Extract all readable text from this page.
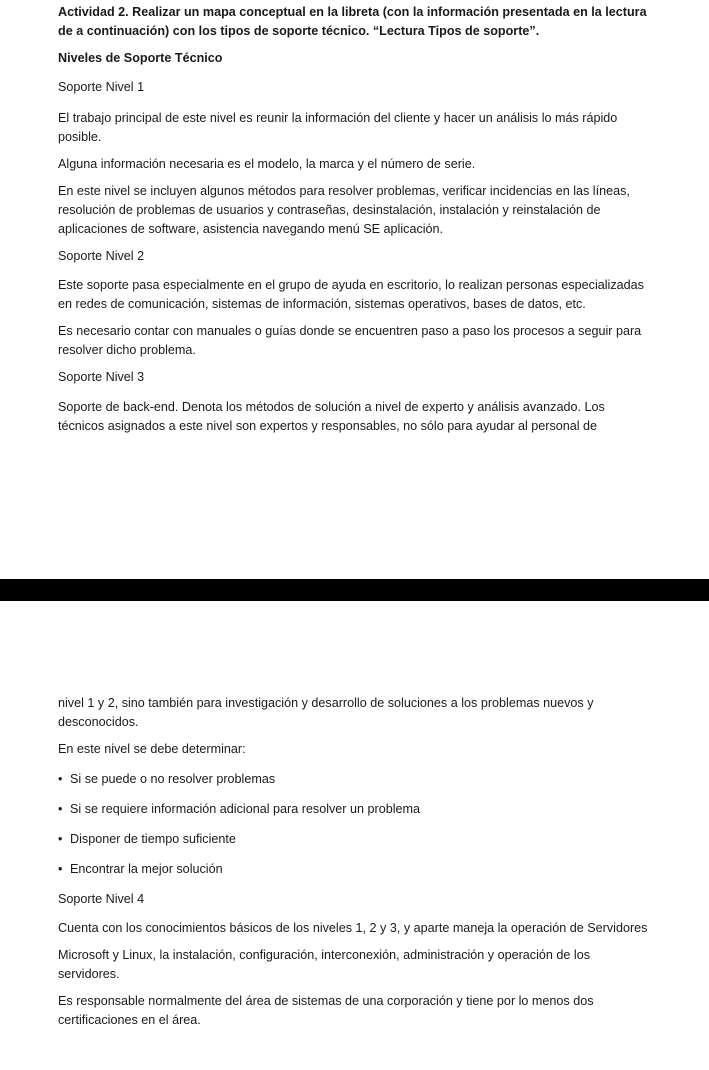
Actividad 2. Realizar un mapa conceptual en la libreta (con la información presentada en la lectura de a continuación) con los tipos de soporte técnico. “Lectura Tipos de soporte”.

Niveles de Soporte Técnico

Soporte Nivel 1

El trabajo principal de este nivel es reunir la información del cliente y hacer un análisis lo más rápido posible.

Alguna información necesaria es el modelo, la marca y el número de serie.

En este nivel se incluyen algunos métodos para resolver problemas, verificar incidencias en las líneas, resolución de problemas de usuarios y contraseñas, desinstalación, instalación y reinstalación de aplicaciones de software, asistencia navegando menú SE aplicación.

Soporte Nivel 2

Este soporte pasa especialmente en el grupo de ayuda en escritorio, lo realizan personas especializadas en redes de comunicación, sistemas de información, sistemas operativos, bases de datos, etc.

Es necesario contar con manuales o guías donde se encuentren paso a paso los procesos a seguir para resolver dicho problema.

Soporte Nivel 3

Soporte de back-end. Denota los métodos de solución a nivel de experto y análisis avanzado. Los técnicos asignados a este nivel son expertos y responsables, no sólo para ayudar al personal de

nivel 1 y 2, sino también para investigación y desarrollo de soluciones a los problemas nuevos y desconocidos.

En este nivel se debe determinar:

• Si se puede o no resolver problemas
• Si se requiere información adicional para resolver un problema
• Disponer de tiempo suficiente
• Encontrar la mejor solución

Soporte Nivel 4

Cuenta con los conocimientos básicos de los niveles 1, 2 y 3, y aparte maneja la operación de Servidores

Microsoft y Linux, la instalación, configuración, interconexión, administración y operación de los servidores.

Es responsable normalmente del área de sistemas de una corporación y tiene por lo menos dos certificaciones en el área.
